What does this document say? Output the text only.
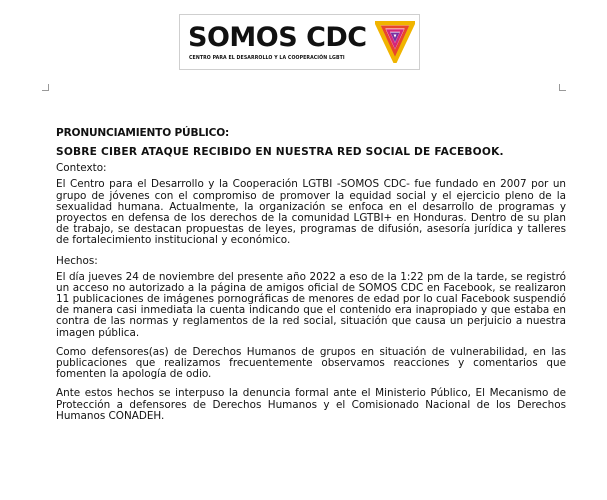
SOMOS CDC
CENTRO PARA EL DESARROLLO Y LA COOPERACIÓN LGBTI

PRONUNCIAMIENTO PÚBLICO:

SOBRE CIBER ATAQUE RECIBIDO EN NUESTRA RED SOCIAL DE FACEBOOK.

Contexto:

El Centro para el Desarrollo y la Cooperación LGTBI -SOMOS CDC- fue fundado en 2007 por un grupo de jóvenes con el compromiso de promover la equidad social y el ejercicio pleno de la sexualidad humana. Actualmente, la organización se enfoca en el desarrollo de programas y proyectos en defensa de los derechos de la comunidad LGTBI+ en Honduras. Dentro de su plan de trabajo, se destacan propuestas de leyes, programas de difusión, asesoría jurídica y talleres de fortalecimiento institucional y económico.

Hechos:

El día jueves 24 de noviembre del presente año 2022 a eso de la 1:22 pm de la tarde, se registró un acceso no autorizado a la página de amigos oficial de SOMOS CDC en Facebook, se realizaron 11 publicaciones de imágenes pornográficas de menores de edad por lo cual Facebook suspendió de manera casi inmediata la cuenta indicando que el contenido era inapropiado y que estaba en contra de las normas y reglamentos de la red social, situación que causa un perjuicio a nuestra imagen pública.

Como defensores(as) de Derechos Humanos de grupos en situación de vulnerabilidad, en las publicaciones que realizamos frecuentemente observamos reacciones y comentarios que fomenten la apología de odio.

Ante estos hechos se interpuso la denuncia formal ante el Ministerio Público, El Mecanismo de Protección a defensores de Derechos Humanos y el Comisionado Nacional de los Derechos Humanos CONADEH.
